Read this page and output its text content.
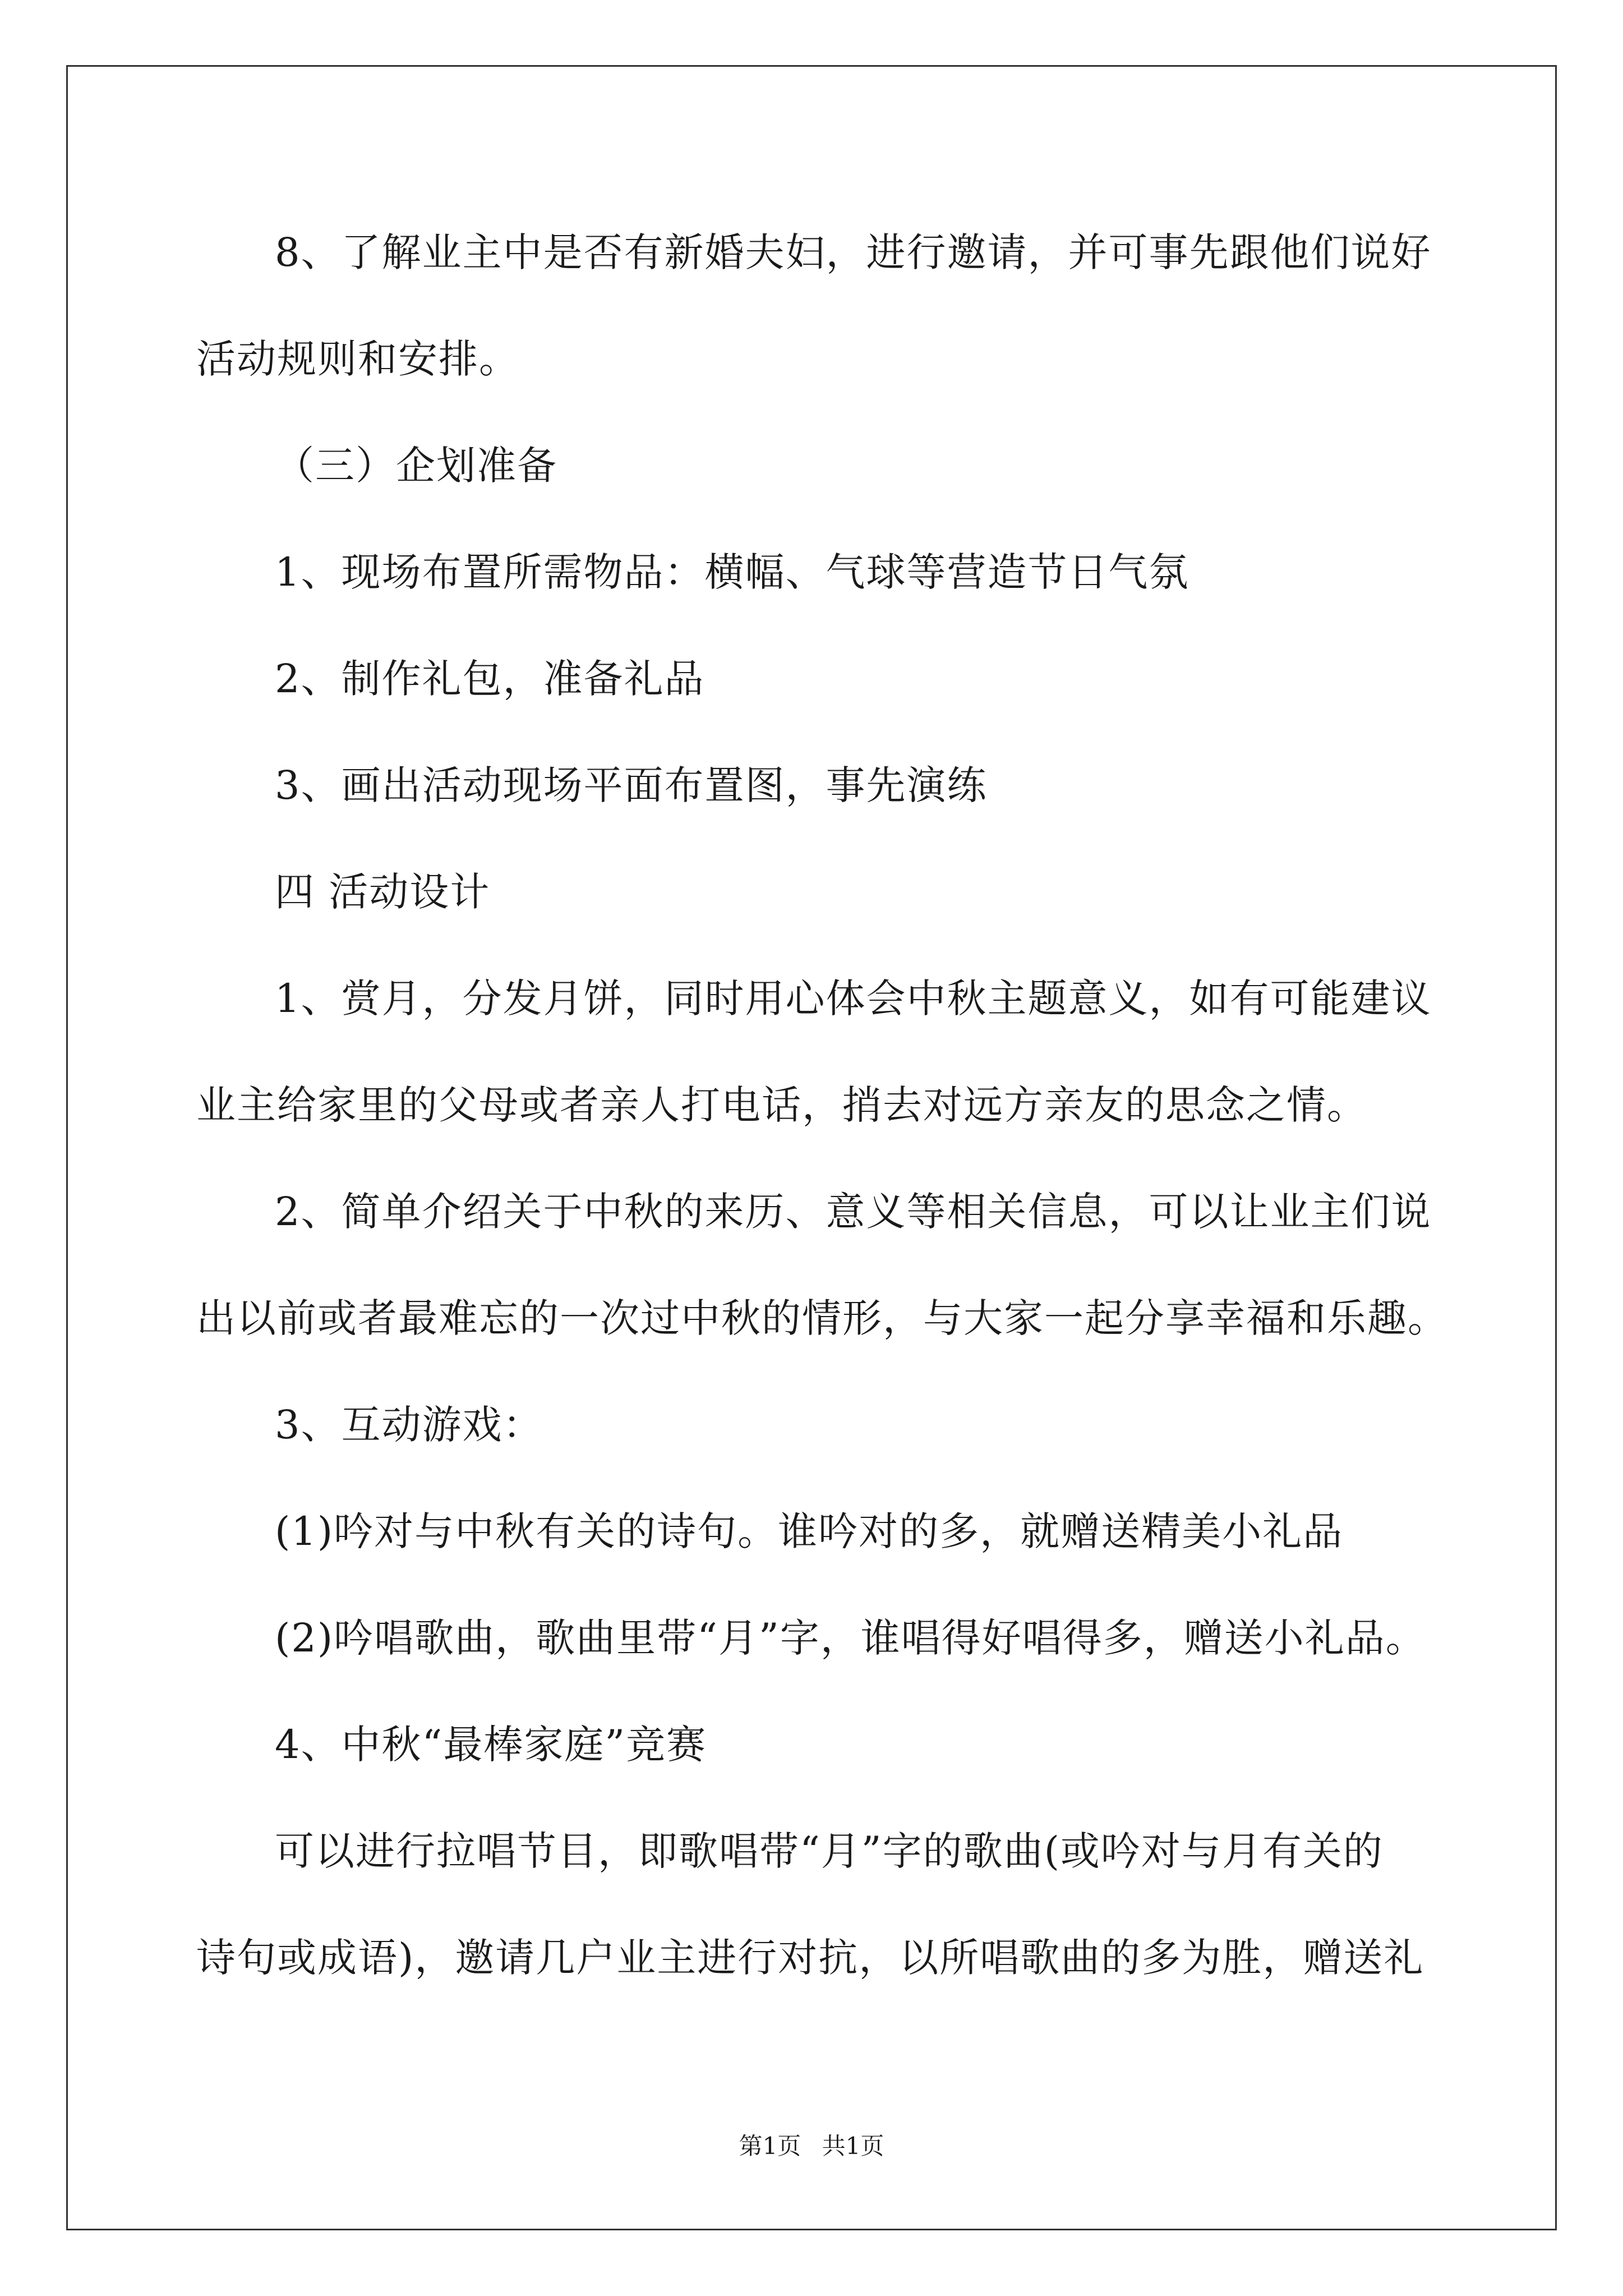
8、了解业主中是否有新婚夫妇，进行邀请，并可事先跟他们说好
活动规则和安排。
（三）企划准备
1、现场布置所需物品：横幅、气球等营造节日气氛
2、制作礼包，准备礼品
3、画出活动现场平面布置图，事先演练
四 活动设计
1、赏月，分发月饼，同时用心体会中秋主题意义，如有可能建议
业主给家里的父母或者亲人打电话，捎去对远方亲友的思念之情。
2、简单介绍关于中秋的来历、意义等相关信息，可以让业主们说
出以前或者最难忘的一次过中秋的情形，与大家一起分享幸福和乐趣。
3、互动游戏：
(1)吟对与中秋有关的诗句。谁吟对的多，就赠送精美小礼品
(2)吟唱歌曲，歌曲里带“月”字，谁唱得好唱得多，赠送小礼品。
4、中秋“最棒家庭”竞赛
可以进行拉唱节目，即歌唱带“月”字的歌曲(或吟对与月有关的
诗句或成语)，邀请几户业主进行对抗，以所唱歌曲的多为胜，赠送礼
第1页 共1页
